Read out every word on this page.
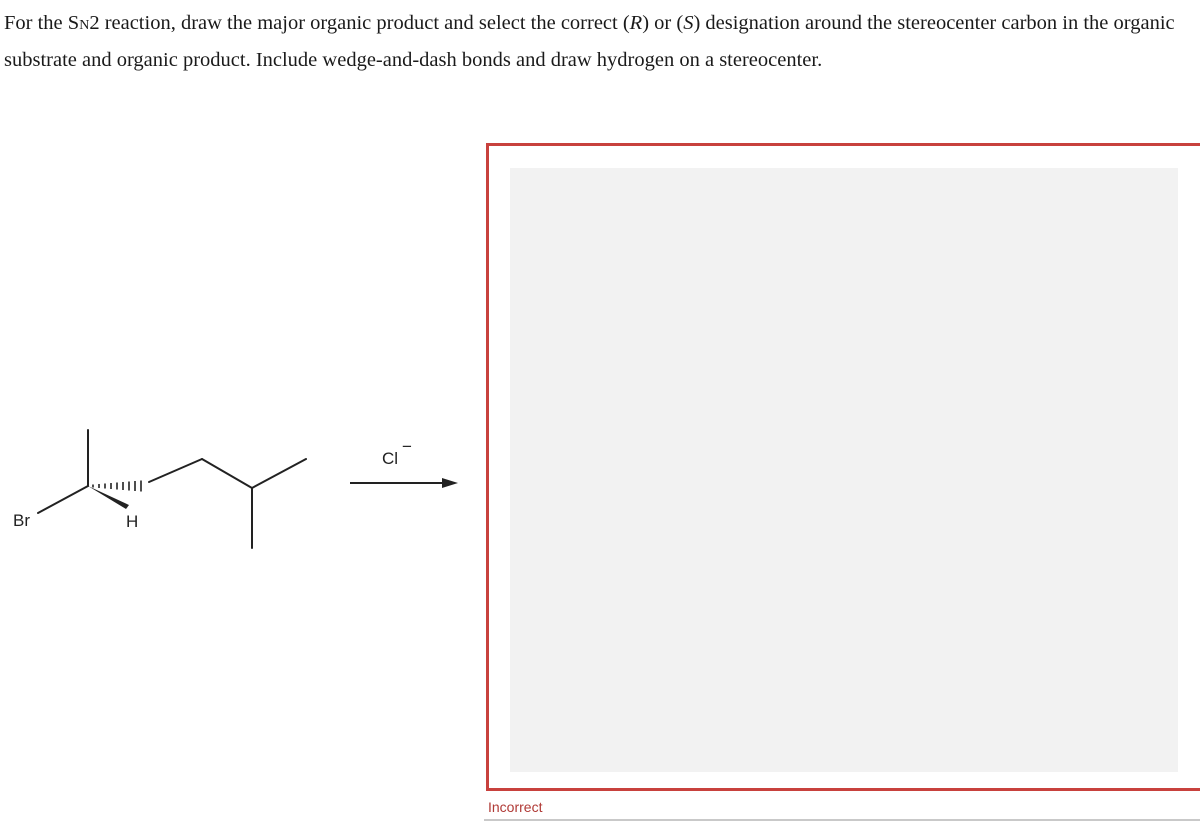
For the SN2 reaction, draw the major organic product and select the correct (R) or (S) designation around the stereocenter carbon in the organic substrate and organic product. Include wedge-and-dash bonds and draw hydrogen on a stereocenter.

Br	H
Cl
−
Incorrect
